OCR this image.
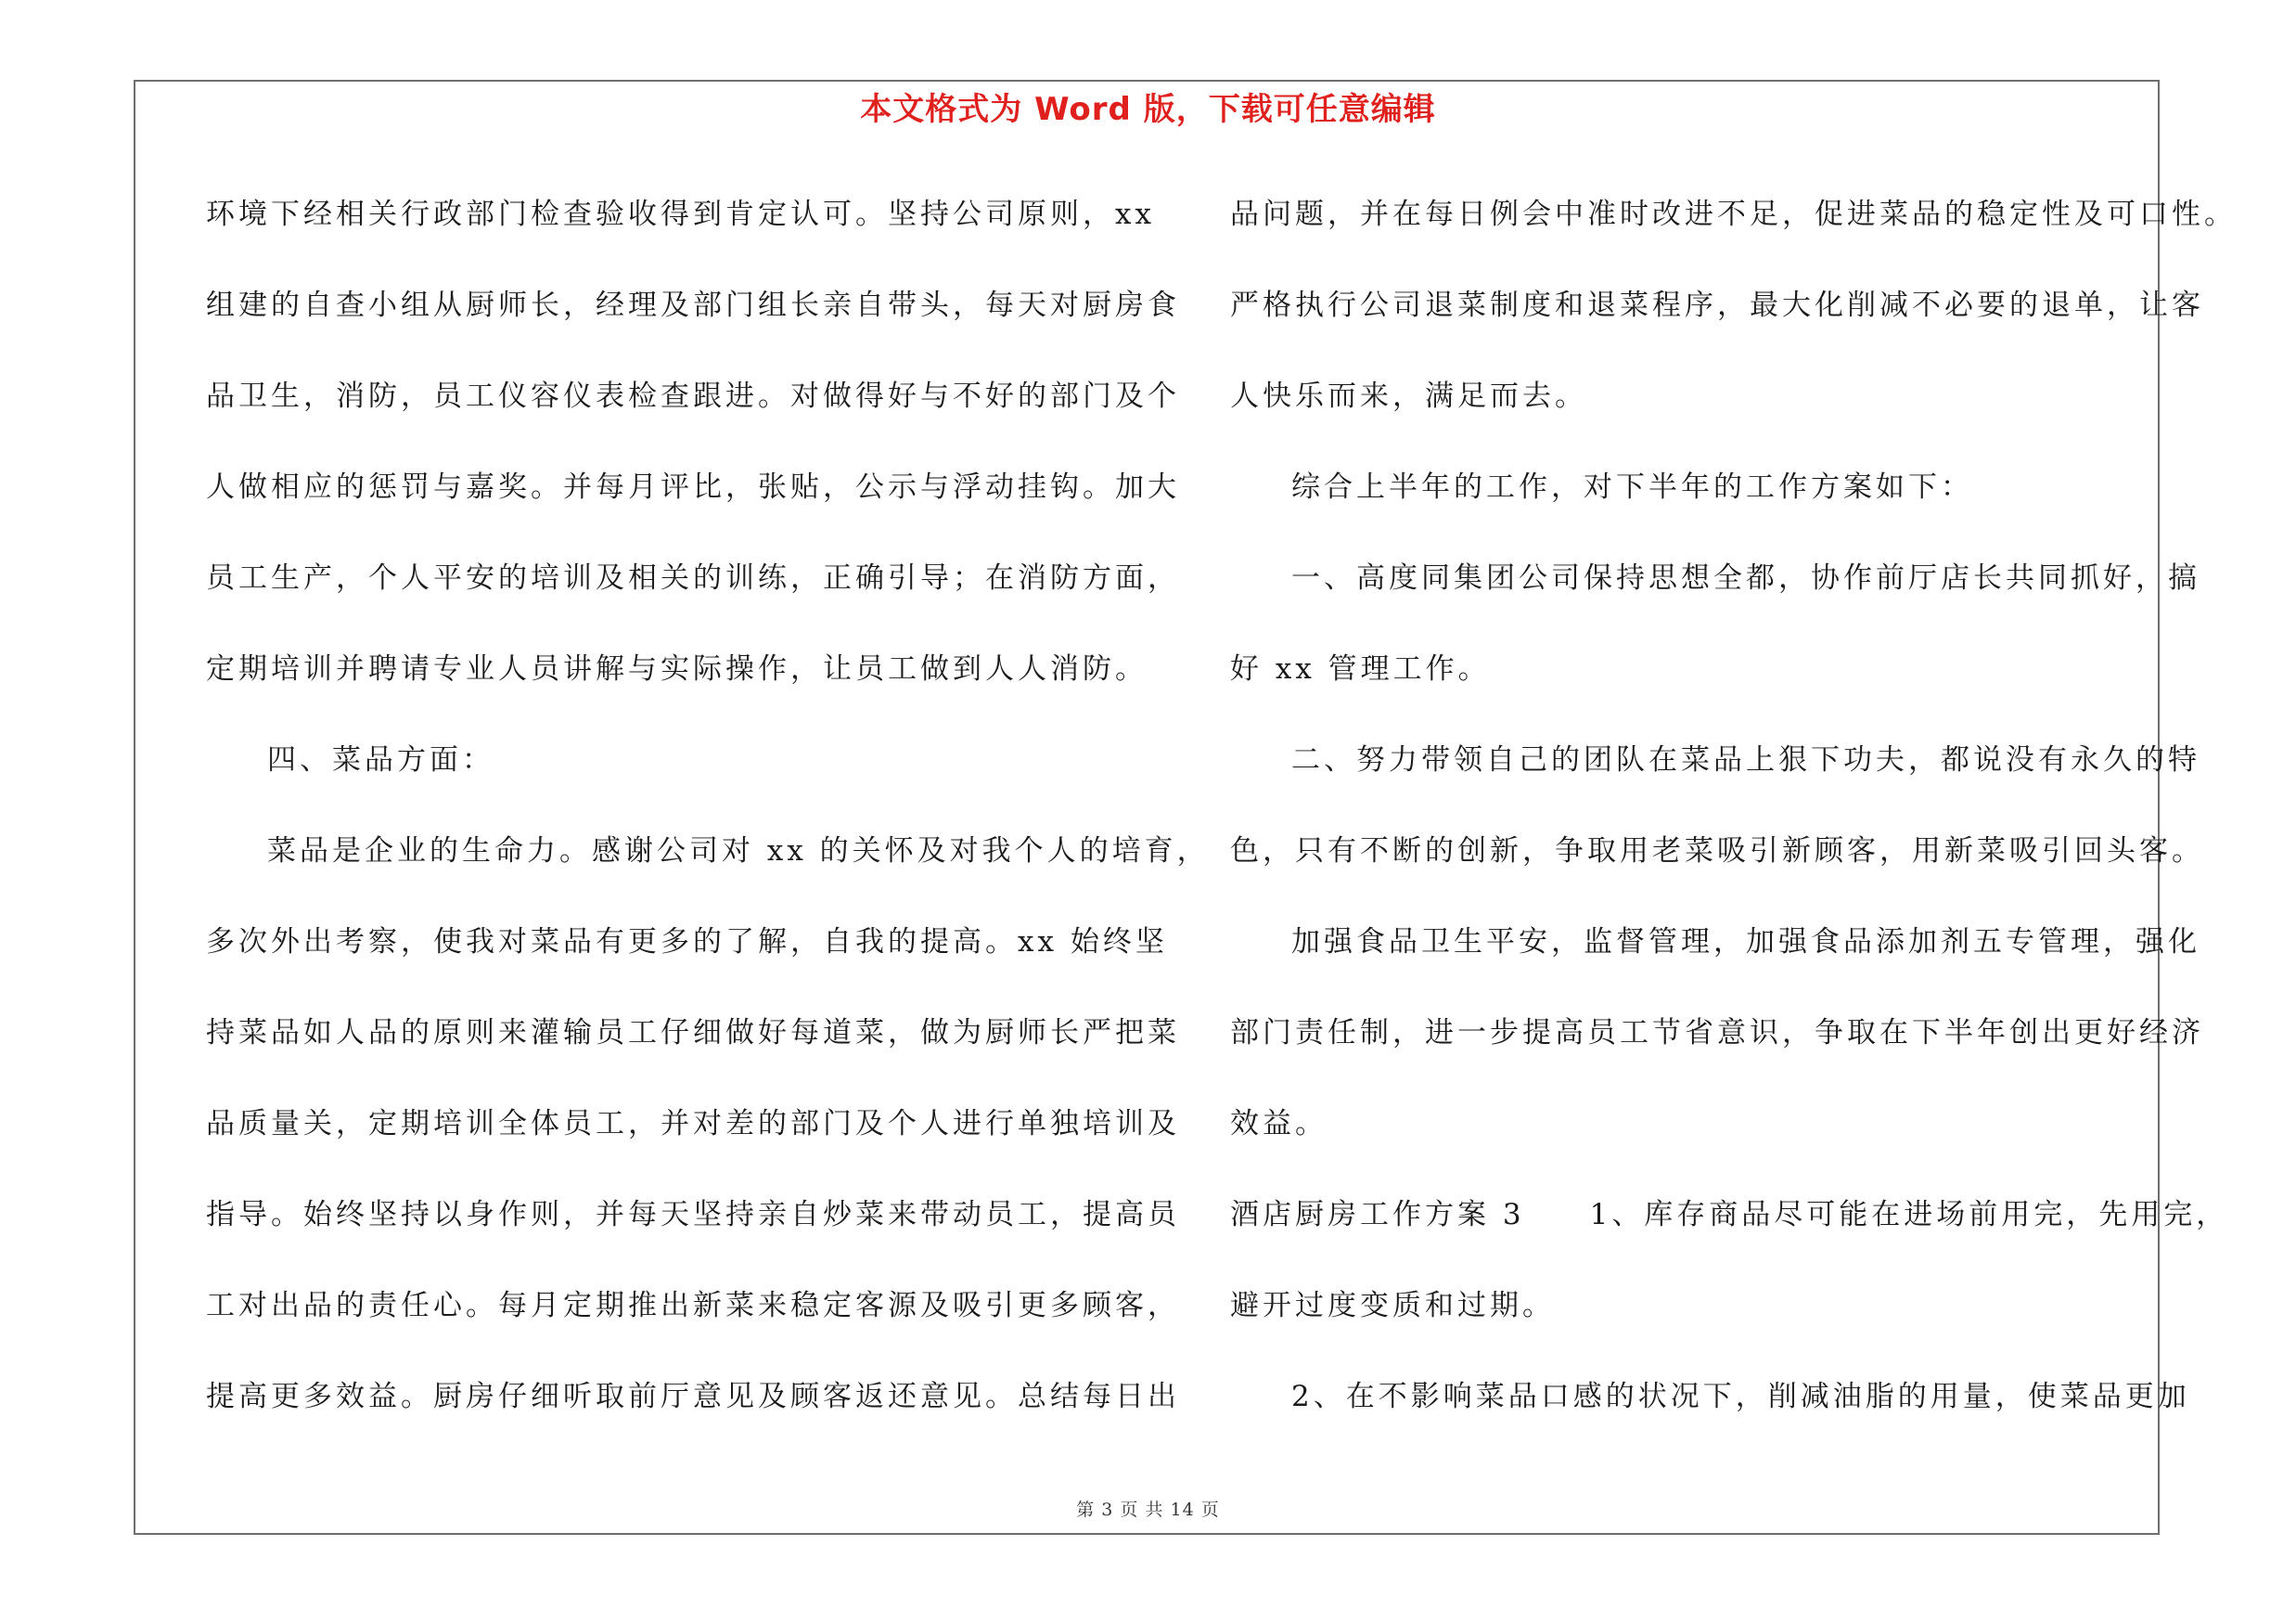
本文格式为 Word 版，下载可任意编辑
环境下经相关行政部门检查验收得到肯定认可。坚持公司原则，xx
组建的自查小组从厨师长，经理及部门组长亲自带头，每天对厨房食
品卫生，消防，员工仪容仪表检查跟进。对做得好与不好的部门及个
人做相应的惩罚与嘉奖。并每月评比，张贴，公示与浮动挂钩。加大
员工生产，个人平安的培训及相关的训练，正确引导；在消防方面，
定期培训并聘请专业人员讲解与实际操作，让员工做到人人消防。
四、菜品方面：
菜品是企业的生命力。感谢公司对 xx 的关怀及对我个人的培育，
多次外出考察，使我对菜品有更多的了解，自我的提高。xx 始终坚
持菜品如人品的原则来灌输员工仔细做好每道菜，做为厨师长严把菜
品质量关，定期培训全体员工，并对差的部门及个人进行单独培训及
指导。始终坚持以身作则，并每天坚持亲自炒菜来带动员工，提高员
工对出品的责任心。每月定期推出新菜来稳定客源及吸引更多顾客，
提高更多效益。厨房仔细听取前厅意见及顾客返还意见。总结每日出
品问题，并在每日例会中准时改进不足，促进菜品的稳定性及可口性。
严格执行公司退菜制度和退菜程序，最大化削减不必要的退单，让客
人快乐而来，满足而去。
综合上半年的工作，对下半年的工作方案如下：
一、高度同集团公司保持思想全都，协作前厅店长共同抓好，搞
好 xx 管理工作。
二、努力带领自己的团队在菜品上狠下功夫，都说没有永久的特
色，只有不断的创新，争取用老菜吸引新顾客，用新菜吸引回头客。
加强食品卫生平安，监督管理，加强食品添加剂五专管理，强化
部门责任制，进一步提高员工节省意识，争取在下半年创出更好经济
效益。
酒店厨房工作方案 3　　1、库存商品尽可能在进场前用完，先用完，
避开过度变质和过期。
2、在不影响菜品口感的状况下，削减油脂的用量，使菜品更加
第 3 页 共 14 页
